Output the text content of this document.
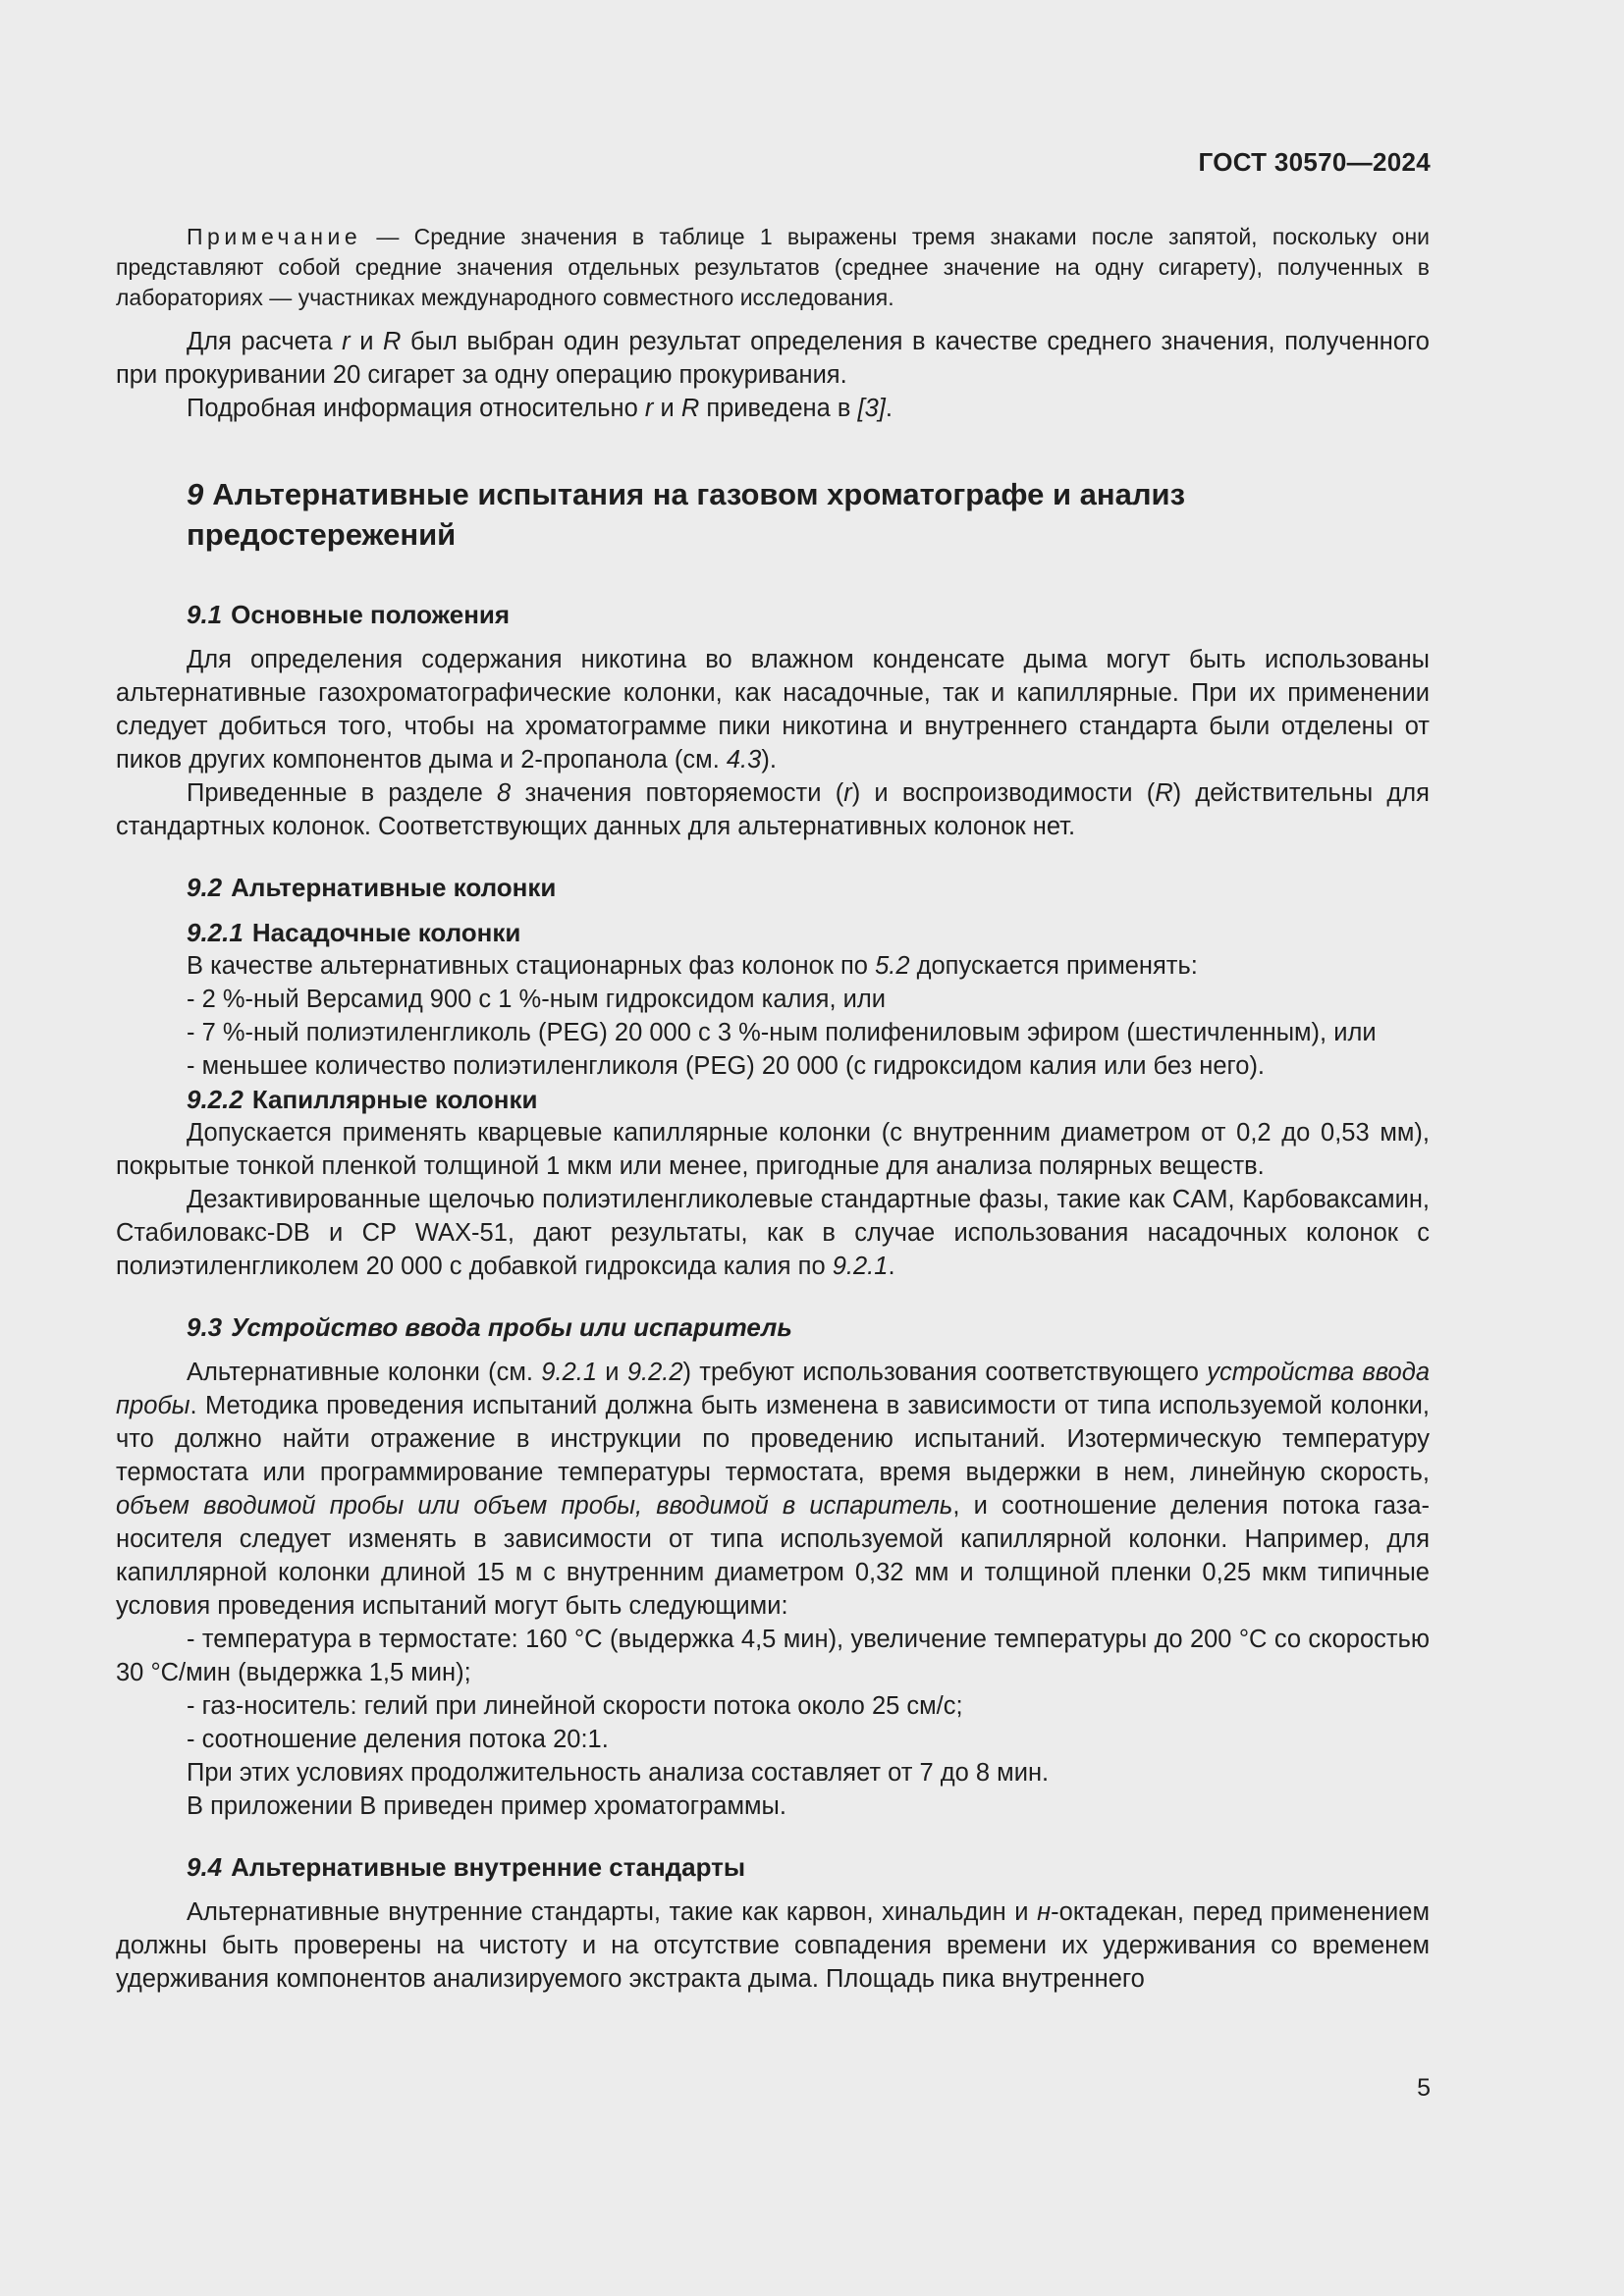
ГОСТ 30570—2024

Примечание — Средние значения в таблице 1 выражены тремя знаками после запятой, поскольку они представляют собой средние значения отдельных результатов (среднее значение на одну сигарету), полученных в лабораториях — участниках международного совместного исследования.

Для расчета r и R был выбран один результат определения в качестве среднего значения, полученного при прокуривании 20 сигарет за одну операцию прокуривания.

Подробная информация относительно r и R приведена в [3].

9 Альтернативные испытания на газовом хроматографе и анализ предостережений
9.1 Основные положения

Для определения содержания никотина во влажном конденсате дыма могут быть использованы альтернативные газохроматографические колонки, как насадочные, так и капиллярные. При их применении следует добиться того, чтобы на хроматограмме пики никотина и внутреннего стандарта были отделены от пиков других компонентов дыма и 2-пропанола (см. 4.3).

Приведенные в разделе 8 значения повторяемости (r) и воспроизводимости (R) действительны для стандартных колонок. Соответствующих данных для альтернативных колонок нет.

9.2 Альтернативные колонки
9.2.1 Насадочные колонки

В качестве альтернативных стационарных фаз колонок по 5.2 допускается применять:

- 2 %-ный Версамид 900 с 1 %-ным гидроксидом калия, или

- 7 %-ный полиэтиленгликоль (PEG) 20 000 с 3 %-ным полифениловым эфиром (шестичленным), или

- меньшее количество полиэтиленгликоля (PEG) 20 000 (с гидроксидом калия или без него).

9.2.2 Капиллярные колонки

Допускается применять кварцевые капиллярные колонки (с внутренним диаметром от 0,2 до 0,53 мм), покрытые тонкой пленкой толщиной 1 мкм или менее, пригодные для анализа полярных веществ.

Дезактивированные щелочью полиэтиленгликолевые стандартные фазы, такие как CAM, Карбоваксамин, Стабиловакс-DB и CP WAX-51, дают результаты, как в случае использования насадочных колонок с полиэтиленгликолем 20 000 с добавкой гидроксида калия по 9.2.1.

9.3 Устройство ввода пробы или испаритель

Альтернативные колонки (см. 9.2.1 и 9.2.2) требуют использования соответствующего устройства ввода пробы. Методика проведения испытаний должна быть изменена в зависимости от типа используемой колонки, что должно найти отражение в инструкции по проведению испытаний. Изотермическую температуру термостата или программирование температуры термостата, время выдержки в нем, линейную скорость, объем вводимой пробы или объем пробы, вводимой в испаритель, и соотношение деления потока газа-носителя следует изменять в зависимости от типа используемой капиллярной колонки. Например, для капиллярной колонки длиной 15 м с внутренним диаметром 0,32 мм и толщиной пленки 0,25 мкм типичные условия проведения испытаний могут быть следующими:

- температура в термостате: 160 °C (выдержка 4,5 мин), увеличение температуры до 200 °C со скоростью 30 °C/мин (выдержка 1,5 мин);

- газ-носитель: гелий при линейной скорости потока около 25 см/с;

- соотношение деления потока 20:1.

При этих условиях продолжительность анализа составляет от 7 до 8 мин.

В приложении В приведен пример хроматограммы.

9.4 Альтернативные внутренние стандарты

Альтернативные внутренние стандарты, такие как карвон, хинальдин и н-октадекан, перед применением должны быть проверены на чистоту и на отсутствие совпадения времени их удерживания со временем удерживания компонентов анализируемого экстракта дыма. Площадь пика внутреннего

5
